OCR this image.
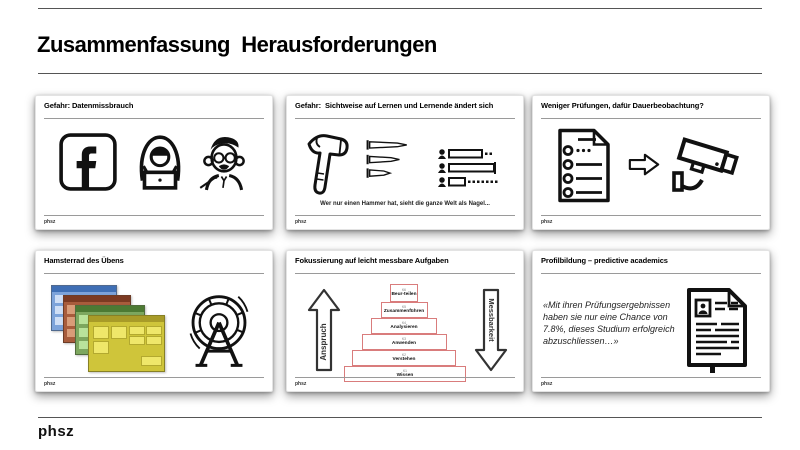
Zusammenfassung  Herausforderungen
Gefahr: Datenmissbrauch
phsz
Gefahr:  Sichtweise auf Lernen und Lernende ändert sich
Wer nur einen Hammer hat, sieht die ganze Welt als Nagel...
phsz
Weniger Prüfungen, dafür Dauerbeobachtung?
phsz
Hamsterrad des Übens
phsz
Fokussierung auf leicht messbare Aufgaben
Anspruch
K6
Beur-teilen
K5
Zusammenführen
K4
Analysieren
K3
Anwenden
K2
Verstehen
K1
Wissen
Messbarkeit
phsz
Profilbildung – predictive academics
«Mit ihren Prüfungsergebnissen haben sie nur eine Chance von 7.8%, dieses Studium erfolgreich abzuschliessen…»
phsz
phsz
